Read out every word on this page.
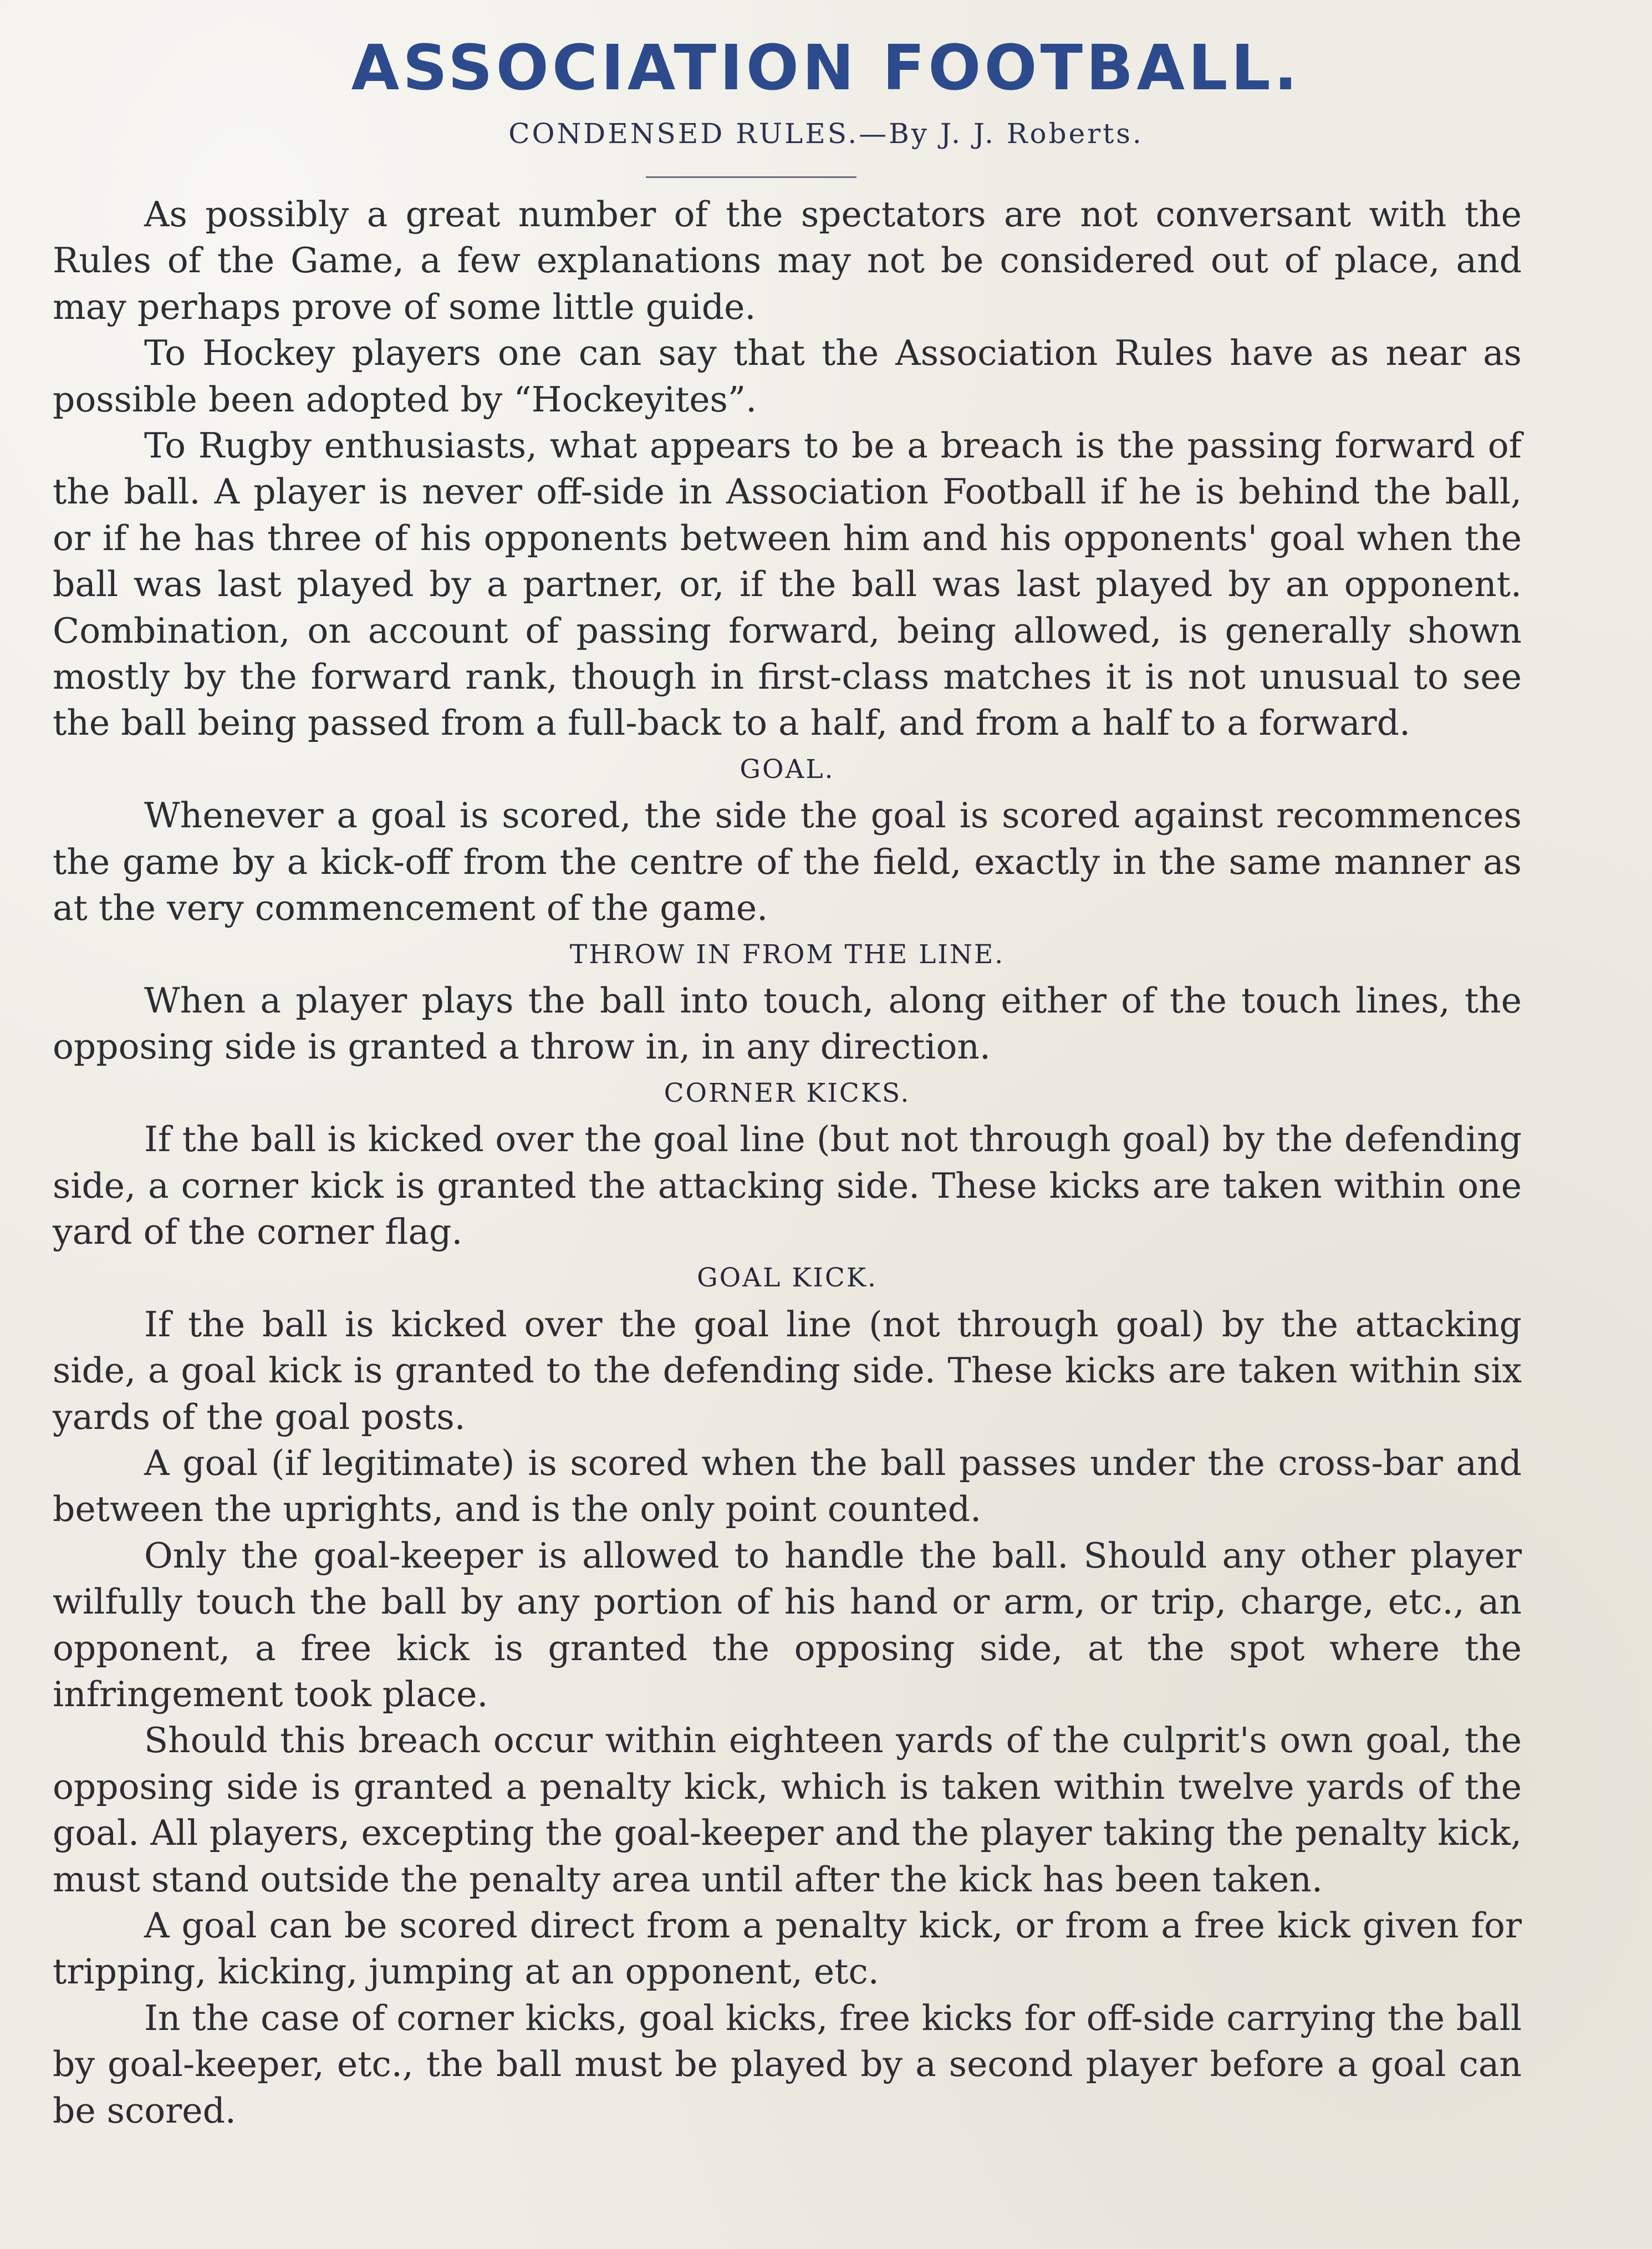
ASSOCIATION FOOTBALL.

CONDENSED RULES.—By J. J. Roberts.

As possibly a great number of the spectators are not conversant with the Rules of the Game, a few explanations may not be considered out of place, and may perhaps prove of some little guide.

To Hockey players one can say that the Association Rules have as near as possible been adopted by “Hockeyites”.

To Rugby enthusiasts, what appears to be a breach is the passing forward of the ball. A player is never off-side in Association Football if he is behind the ball, or if he has three of his opponents between him and his opponents' goal when the ball was last played by a partner, or, if the ball was last played by an opponent. Combination, on account of passing forward, being allowed, is generally shown mostly by the forward rank, though in first-class matches it is not unusual to see the ball being passed from a full-back to a half, and from a half to a forward.

GOAL.

Whenever a goal is scored, the side the goal is scored against recommences the game by a kick-off from the centre of the field, exactly in the same manner as at the very commencement of the game.

THROW IN FROM THE LINE.

When a player plays the ball into touch, along either of the touch lines, the opposing side is granted a throw in, in any direction.

CORNER KICKS.

If the ball is kicked over the goal line (but not through goal) by the defending side, a corner kick is granted the attacking side. These kicks are taken within one yard of the corner flag.

GOAL KICK.

If the ball is kicked over the goal line (not through goal) by the attacking side, a goal kick is granted to the defending side. These kicks are taken within six yards of the goal posts.

A goal (if legitimate) is scored when the ball passes under the cross-bar and between the uprights, and is the only point counted.

Only the goal-keeper is allowed to handle the ball. Should any other player wilfully touch the ball by any portion of his hand or arm, or trip, charge, etc., an opponent, a free kick is granted the opposing side, at the spot where the infringement took place.

Should this breach occur within eighteen yards of the culprit's own goal, the opposing side is granted a penalty kick, which is taken within twelve yards of the goal. All players, excepting the goal-keeper and the player taking the penalty kick, must stand outside the penalty area until after the kick has been taken.

A goal can be scored direct from a penalty kick, or from a free kick given for tripping, kicking, jumping at an opponent, etc.

In the case of corner kicks, goal kicks, free kicks for off-side carrying the ball by goal-keeper, etc., the ball must be played by a second player before a goal can be scored.
